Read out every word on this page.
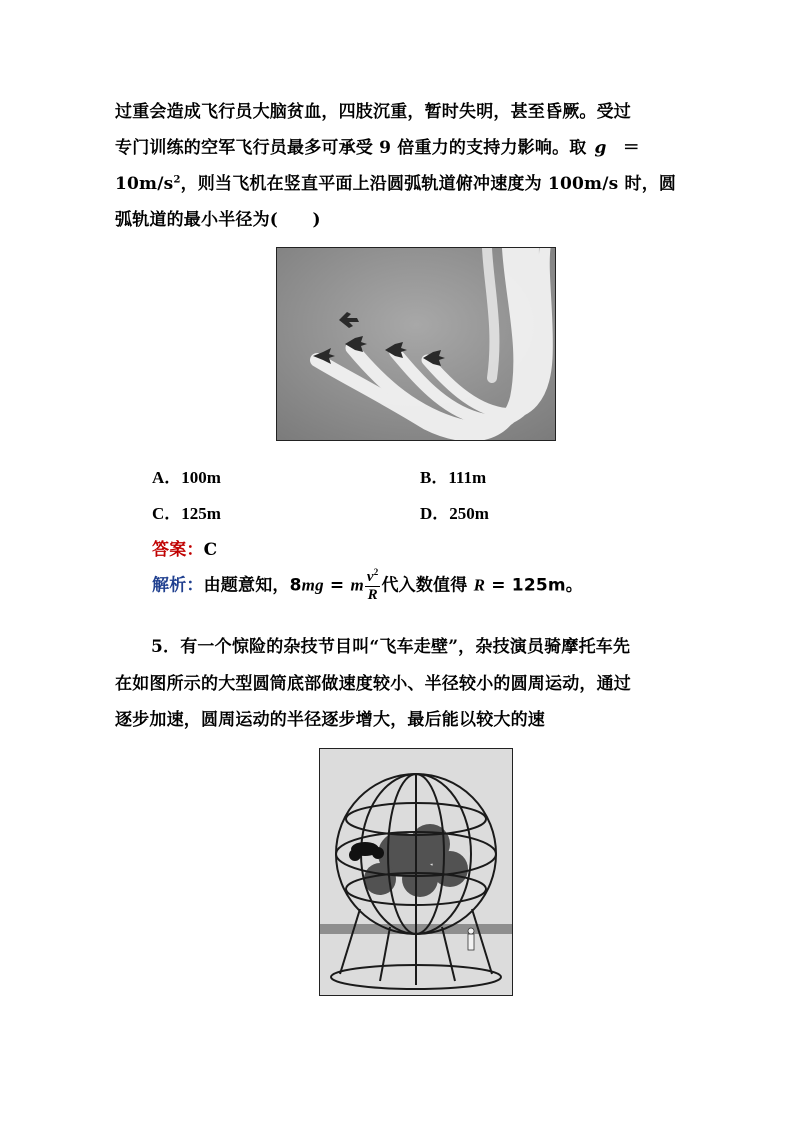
过重会造成飞行员大脑贫血，四肢沉重，暂时失明，甚至昏厥。受过
专门训练的空军飞行员最多可承受 9 倍重力的支持力影响。取 g ＝
$10m/s^2$，则当飞机在竖直平面上沿圆弧轨道俯冲速度为 100m/s 时，圆
弧轨道的最小半径为(　　)
A．100m	B．111m
C．125m	D．250m
答案：C
解析：由题意知，8mg = m $\frac{v^2}{R}$ 代入数值得 R = 125m。
5．有一个惊险的杂技节目叫“飞车走壁”，杂技演员骑摩托车先
在如图所示的大型圆筒底部做速度较小、半径较小的圆周运动，通过
逐步加速，圆周运动的半径逐步增大，最后能以较大的速
